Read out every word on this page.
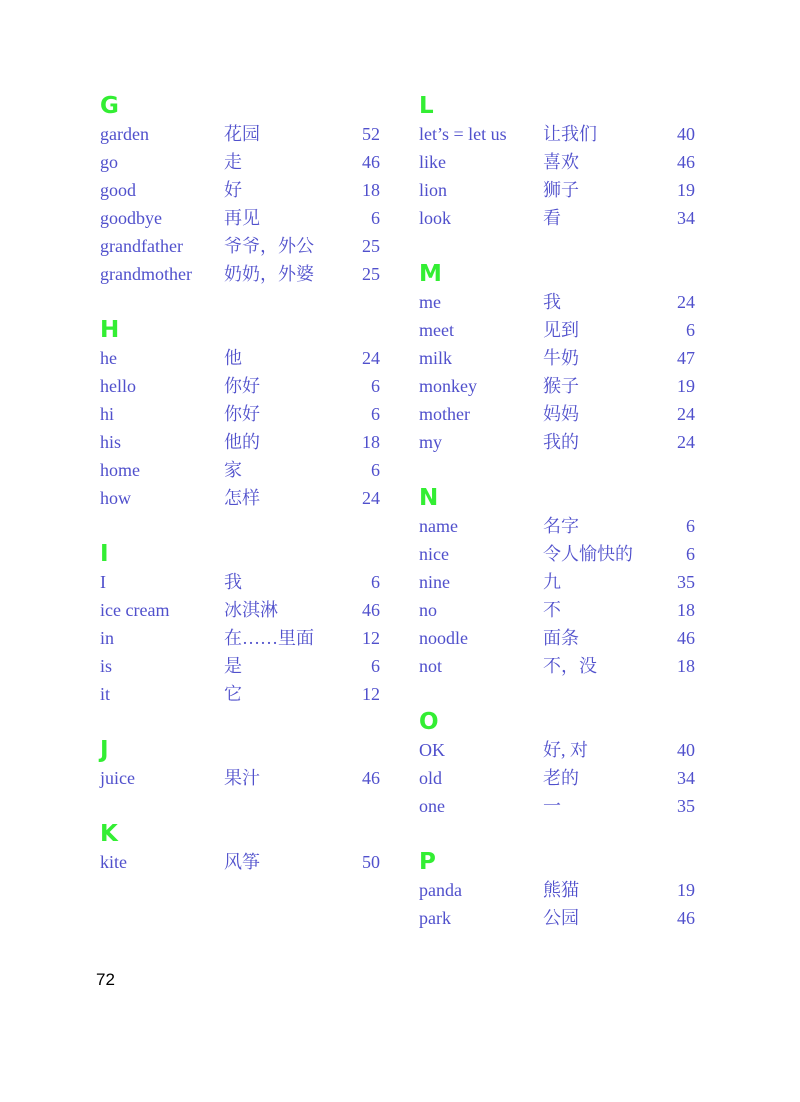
G
garden	花园	52
go	走	46
good	好	18
goodbye	再见	6
grandfather	爷爷，外公	25
grandmother	奶奶，外婆	25
H
he	他	24
hello	你好	6
hi	你好	6
his	他的	18
home	家	6
how	怎样	24
I
I	我	6
ice cream	冰淇淋	46
in	在……里面	12
is	是	6
it	它	12
J
juice	果汁	46
K
kite	风筝	50
L
let’s = let us	让我们	40
like	喜欢	46
lion	狮子	19
look	看	34
M
me	我	24
meet	见到	6
milk	牛奶	47
monkey	猴子	19
mother	妈妈	24
my	我的	24
N
name	名字	6
nice	令人愉快的	6
nine	九	35
no	不	18
noodle	面条	46
not	不，没	18
O
OK	好, 对	40
old	老的	34
one	一	35
P
panda	熊猫	19
park	公园	46
72
